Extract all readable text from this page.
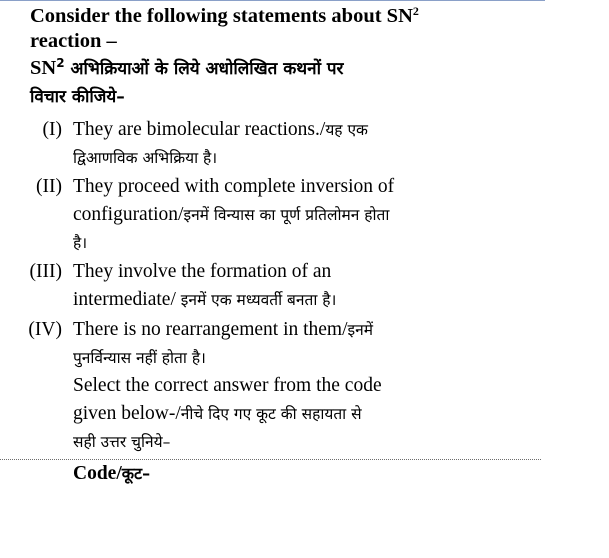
Consider the following statements about $SN^2$
reaction –
$SN^2$ अभिक्रियाओं के लिये अधोलिखित कथनों पर
विचार कीजिये–
(I) They are bimolecular reactions./यह एक
द्विआणविक अभिक्रिया है।
(II) They proceed with complete inversion of
configuration/इनमें विन्यास का पूर्ण प्रतिलोमन होता
है।
(III) They involve the formation of an
intermediate/ इनमें एक मध्यवर्ती बनता है।
(IV) There is no rearrangement in them/इनमें
पुनर्विन्यास नहीं होता है।
Select the correct answer from the code
given below-/नीचे दिए गए कूट की सहायता से
सही उत्तर चुनिये–
Code/कूट–
